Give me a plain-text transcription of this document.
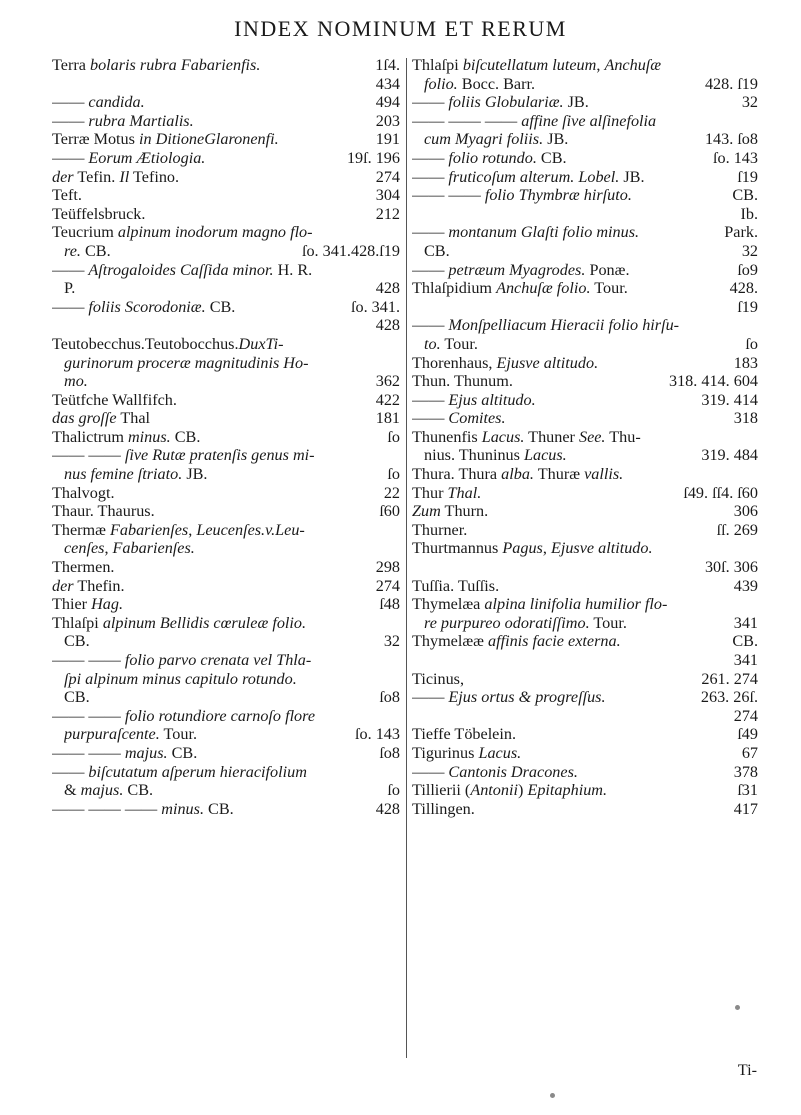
INDEX NOMINUM ET RERUM
Terra bolaris rubra Fabarienfis.	1ſ4.
434
—— candida.	494
—— rubra Martialis.	203
Terræ Motus in DitioneGlaronenfi.	191
—— Eorum Ætiologia.	19ſ. 196
der Tefin. Il Tefino.	274
Teft.	304
Teüffelsbruck.	212
Teucrium alpinum inodorum magno flo-
re. CB.	ſo. 341.428.ſ19
—— Aſtrogaloides Caſſida minor. H. R.
P.	428
—— foliis Scorodoniæ. CB.	ſo. 341.
428
Teutobecchus.Teutobocchus.DuxTi-
gurinorum proceræ magnitudinis Ho-
mo.	362
Teütfche Wallfifch.	422
das groſſe Thal	181
Thalictrum minus. CB.	ſo
—— —— ſive Rutæ pratenſis genus mi-
nus femine ſtriato. JB.	ſo
Thalvogt.	22
Thaur. Thaurus.	ſ60
Thermæ Fabarienſes, Leucenſes.v.Leu-
cenſes, Fabarienſes.
Thermen.	298
der Thefin.	274
Thier Hag.	ſ48
Thlaſpi alpinum Bellidis cœruleæ folio.
CB.	32
—— —— folio parvo crenata vel Thla-
ſpi alpinum minus capitulo rotundo.
CB.	ſo8
—— —— folio rotundiore carnoſo flore
purpuraſcente. Tour.	ſo. 143
—— —— majus. CB.	ſo8
—— biſcutatum aſperum hieracifolium
& majus. CB.	ſo
—— —— —— minus. CB.	428
Thlaſpi biſcutellatum luteum, Anchuſæ
folio. Bocc. Barr.	428. ſ19
—— foliis Globulariæ. JB.	32
—— —— —— affine ſive alſinefolia
cum Myagri foliis. JB.	143. ſo8
—— folio rotundo. CB.	ſo. 143
—— fruticoſum alterum. Lobel. JB.	ſ19
—— —— folio Thymbræ hirſuto.	CB.
Ib.
—— montanum Glaſti folio minus.	Park.
CB.	32
—— petræum Myagrodes. Ponæ.	ſo9
Thlaſpidium Anchuſæ folio. Tour.	428.
ſ19
—— Monſpelliacum Hieracii folio hirſu-
to. Tour.	ſo
Thorenhaus, Ejusve altitudo.	183
Thun. Thunum.	318. 414. 604
—— Ejus altitudo.	319. 414
—— Comites.	318
Thunenfis Lacus. Thuner See. Thu-
nius. Thuninus Lacus.	319. 484
Thura. Thura alba. Thuræ vallis.
Thur Thal.	ſ49. ſſ4. ſ60
Zum Thurn.	306
Thurner.	ſſ. 269
Thurtmannus Pagus, Ejusve altitudo.
30ſ. 306
Tuſſia. Tuſſis.	439
Thymelæa alpina linifolia humilior flo-
re purpureo odoratiſſimo. Tour.	341
Thymelææ affinis facie externa.	CB.
341
Ticinus,	261. 274
—— Ejus ortus & progreſſus.	263. 26ſ.
274
Tieffe Töbelein.	ſ49
Tigurinus Lacus.	67
—— Cantonis Dracones.	378
Tillierii (Antonii) Epitaphium.	ſ31
Tillingen.	417
Ti-
